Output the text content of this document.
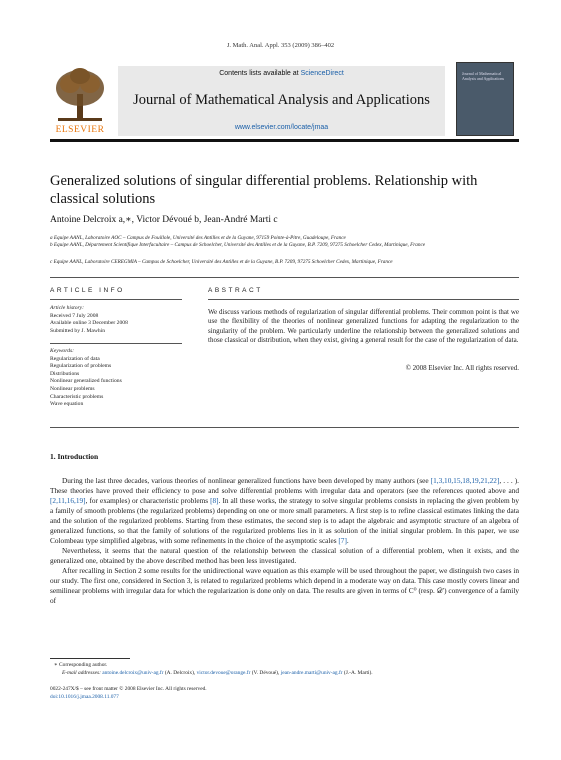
J. Math. Anal. Appl. 353 (2009) 386–402
ELSEVIER
Contents lists available at ScienceDirect
Journal of Mathematical Analysis and Applications
www.elsevier.com/locate/jmaa
Journal of Mathematical Analysis and Applications
Generalized solutions of singular differential problems. Relationship with classical solutions
Antoine Delcroix a,∗, Victor Dévoué b, Jean-André Marti c
a Equipe AANL, Laboratoire AOC – Campus de Fouillole, Université des Antilles et de la Guyane, 97159 Pointe-à-Pitre, Guadeloupe, France
b Equipe AANL, Département Scientifique Interfacultaire – Campus de Schoelcher, Université des Antilles et de la Guyane, B.P. 7209, 97275 Schoelcher Cedex, Martinique, France
c Equipe AANL, Laboratoire CEREGMIA – Campus de Schoelcher, Université des Antilles et de la Guyane, B.P. 7209, 97275 Schoelcher Cedex, Martinique, France
ARTICLE INFO
Article history:
Received 7 July 2008
Available online 3 December 2008
Submitted by J. Mawhin
Keywords:
Regularization of data
Regularization of problems
Distributions
Nonlinear generalized functions
Nonlinear problems
Characteristic problems
Wave equation
ABSTRACT
We discuss various methods of regularization of singular differential problems. Their common point is that we use the flexibility of the theories of nonlinear generalized functions for adapting the regularization to the singularity of the problem. We particularly underline the relationship between the generalized solutions and those classical or distribution, when they exist, giving a general result for the case of the regularization of data.
© 2008 Elsevier Inc. All rights reserved.
1. Introduction

During the last three decades, various theories of nonlinear generalized functions have been developed by many authors (see [1,3,10,15,18,19,21,22], . . . ). These theories have proved their efficiency to pose and solve differential problems with irregular data and operators (see the references quoted above and [2,11,16,19], for examples) or characteristic problems [8]. In all these works, the strategy to solve singular problems consists in replacing the given problem by a family of smooth problems (the regularized problems) depending on one or more small parameters. A first step is to refine classical estimates linking the data and the solution of the regularized problems. Starting from these estimates, the second step is to adapt the algebraic and asymptotic structure of an algebra of generalized functions, so that the family of solutions of the regularized problems lies in it as solution of the initial singular problem. In this paper, we use Colombeau type simplified algebras, with some refinements in the choice of the asymptotic scales [7].

Nevertheless, it seems that the natural question of the relationship between the classical solution of a differential problem, when it exists, and the generalized one, obtained by the above described method has been less investigated.

After recalling in Section 2 some results for the unidirectional wave equation as this example will be used throughout the paper, we distinguish two cases in our study. The first one, considered in Section 3, is related to regularized problems which depend in a moderate way on data. This case mostly covers linear and semilinear problems with irregular data for which the regularization is done only on data. The results are given in terms of C⁰ (resp. 𝒟′) convergence of a family of

∗ Corresponding author.
E-mail addresses: antoine.delcroix@univ-ag.fr (A. Delcroix), victor.devoue@orange.fr (V. Dévoué), jean-andre.marti@univ-ag.fr (J.-A. Marti).
0022-247X/$ – see front matter © 2008 Elsevier Inc. All rights reserved.
doi:10.1016/j.jmaa.2008.11.077
